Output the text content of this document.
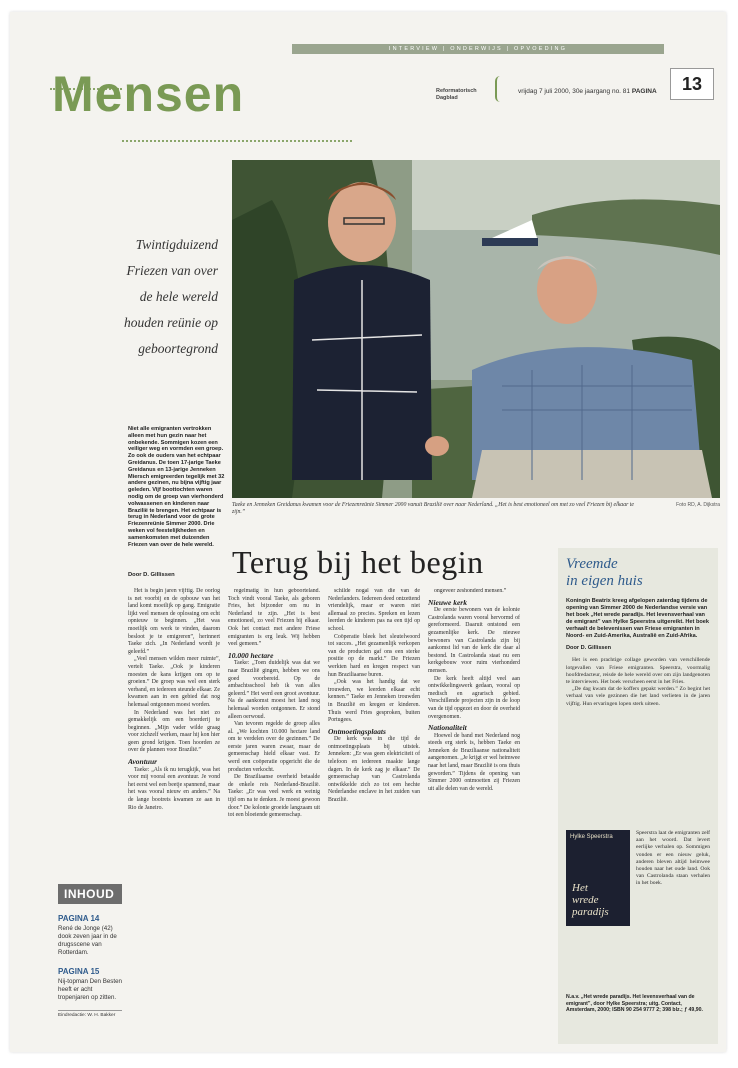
INTERVIEW | ONDERWIJS | OPVOEDING
Mensen	Reformatorisch Dagblad
vrijdag 7 juli 2000, 30e jaargang no. 81 PAGINA	13
Twintigduizend
Friezen van over
de hele wereld
houden reünie op
geboortegrond
Taeke en Jenneken Greidanus kwamen voor de Friezenreünie Simmer 2000 vanuit Brazilië over naar Nederland. „Het is best emotioneel om met zo veel Friezen bij elkaar te zijn.”
Foto RD, A. Dijkstra
Niet alle emigranten vertrokken alleen met hun gezin naar het onbekende. Sommigen kozen een veiliger weg en vormden een groep. Zo ook de ouders van het echtpaar Greidanus. De toen 17-jarige Taeke Greidanus en 13-jarige Jenneken Miersch emigreerden tegelijk met 32 andere gezinen, nu bijna vijftig jaar geleden. Vijf boottochten waren nodig om de groep van vierhonderd volwassenen en kinderen naar Brazilië te brengen. Het echtpaar is terug in Nederland voor de grote Friezenreünie Simmer 2000. Drie weken vol feestelijkheden en samenkomsten met duizenden Friezen van over de hele wereld.
Door D. Gillissen Terug bij het begin

Het is begin jaren vijftig. De oorlog is net voorbij en de opbouw van het land komt moeilijk op gang. Emigratie lijkt veel mensen de oplossing om echt opnieuw te beginnen. „Het was moeilijk om werk te vinden, daarom besloot je te emigreren”, herinnert Taeke zich. „In Nederland wordt je geleefd.”

„Veel mensen wilden meer ruimte”, vertelt Taeke. „Ook je kinderen moesten de kans krijgen om op te groeien.” De groep was wel een sterk verband, en iedereen steunde elkaar. Ze kwamen aan in een gebied dat nog helemaal ontgonnen moest worden.

In Nederland was het niet zo gemakkelijk om een boerderij te beginnen. „Mijn vader wilde graag voor zichzelf werken, maar hij kon hier geen grond krijgen. Toen hoorden ze over de plannen voor Brazilië.”

Avontuur

Taeke: „Als ik nu terugkijk, was het voor mij vooral een avontuur. Je vond het eerst wel een beetje spannend, maar het was vooral nieuw en anders.” Na de lange bootreis kwamen ze aan in Rio de Janeiro.

regelmatig in hun geboorteland. Toch vindt vooral Taeke, als geboren Fries, het bijzonder om nu in Nederland te zijn. „Het is best emotioneel, zo veel Friezen bij elkaar. Ook het contact met andere Friese emigranten is erg leuk. Wij hebben veel gemeen.”

10.000 hectare

Taeke: „Toen duidelijk was dat we naar Brazilië gingen, hebben we ons goed voorbereid. Op de ambachtsschool heb ik van alles geleerd.” Het werd een groot avontuur. Na de aankomst moest het land nog helemaal worden ontgonnen. Er stond alleen oerwoud.

Van tevoren regelde de groep alles al. „We kochten 10.000 hectare land om te verdelen over de gezinnen.” De eerste jaren waren zwaar, maar de gemeenschap hield elkaar vast. Er werd een coöperatie opgericht die de producten verkocht.

De Braziliaanse overheid betaalde de enkele reis Nederland-Brazilië. Taeke: „Er was veel werk en weinig tijd om na te denken. Je moest gewoon door.” De kolonie groeide langzaam uit tot een bloeiende gemeenschap.

schilde nogal van die van de Nederlanders. Iedereen deed ontzettend vriendelijk, maar er waren niet allemaal zo precies. Spreken en lezen leerden de kinderen pas na een tijd op school.

Coöperatie bleek het sleutelwoord tot succes. „Het gezamenlijk verkopen van de producten gaf ons een sterke positie op de markt.” De Friezen werkten hard en kregen respect van hun Braziliaanse buren.

„Ook was het handig dat we trouwden, we leerden elkaar echt kennen.” Taeke en Jenneken trouwden in Brazilië en kregen er kinderen. Thuis werd Fries gesproken, buiten Portugees.

Ontmoetingsplaats

De kerk was in die tijd de ontmoetingsplaats bij uitstek. Jenneken: „Er was geen elektriciteit of telefoon en iedereen maakte lange dagen. In de kerk zag je elkaar.” De gemeenschap van Castrolanda ontwikkelde zich zo tot een hechte Nederlandse enclave in het zuiden van Brazilië.

ongeveer zeshonderd mensen.”

Nieuwe kerk

De eerste bewoners van de kolonie Castrolanda waren vooral hervormd of gereformeerd. Daaruit ontstond een gezamenlijke kerk. De nieuwe bewoners van Castrolanda zijn bij aankomst lid van de kerk die daar al bestond. In Castrolanda staat nu een kerkgebouw voor ruim vierhonderd mensen.

De kerk heeft altijd veel aan ontwikkelingswerk gedaan, vooral op medisch en agrarisch gebied. Verschillende projecten zijn in de loop van de tijd opgezet en door de overheid overgenomen.

Nationaliteit

Hoewel de band met Nederland nog steeds erg sterk is, hebben Taeke en Jenneken de Braziliaanse nationaliteit aangenomen. „Je krijgt er wel heimwee naar het land, maar Brazilië is ons thuis geworden.” Tijdens de opening van Simmer 2000 ontmoetten zij Friezen uit alle delen van de wereld.

INHOUD
PAGINA 14
René de Jonge (42) dook zeven jaar in de drugsscene van Rotterdam.
PAGINA 15
Nij-topman Den Besten heeft er acht tropenjaren op zitten.
Eindredactie: W. H. Bakker
Vreemde
in eigen huis
Koningin Beatrix kreeg afgelopen zaterdag tijdens de opening van Simmer 2000 de Nederlandse versie van het boek „Het wrede paradijs. Het levensverhaal van de emigrant” van Hylke Speerstra uitgereikt. Het boek verhaalt de belevenissen van Friese emigranten in Noord- en Zuid-Amerika, Australië en Zuid-Afrika.
Door D. Gillissen

Het is een prachtige collage geworden van verschillende lotgevallen van Friese emigranten. Speerstra, voormalig hoofdredacteur, reisde de hele wereld over om zijn landgenoten te interviewen. Het boek verscheen eerst in het Fries.

„De dag kwam dat de koffers gepakt werden.” Zo begint het verhaal van vele gezinnen die het land verlieten in de jaren vijftig. Hun ervaringen lopen sterk uiteen.

Hylke Speerstra
Het
wrede
paradijs
Speerstra laat de emigranten zelf aan het woord. Dat levert eerlijke verhalen op. Sommigen vonden er een nieuw geluk, anderen bleven altijd heimwee houden naar het oude land. Ook van Castrolanda staan verhalen in het boek.
N.a.v. „Het wrede paradijs. Het levensverhaal van de emigrant”, door Hylke Speerstra; uitg. Contact, Amsterdam, 2000; ISBN 90 254 9777 2; 398 blz.; ƒ 49,90.
